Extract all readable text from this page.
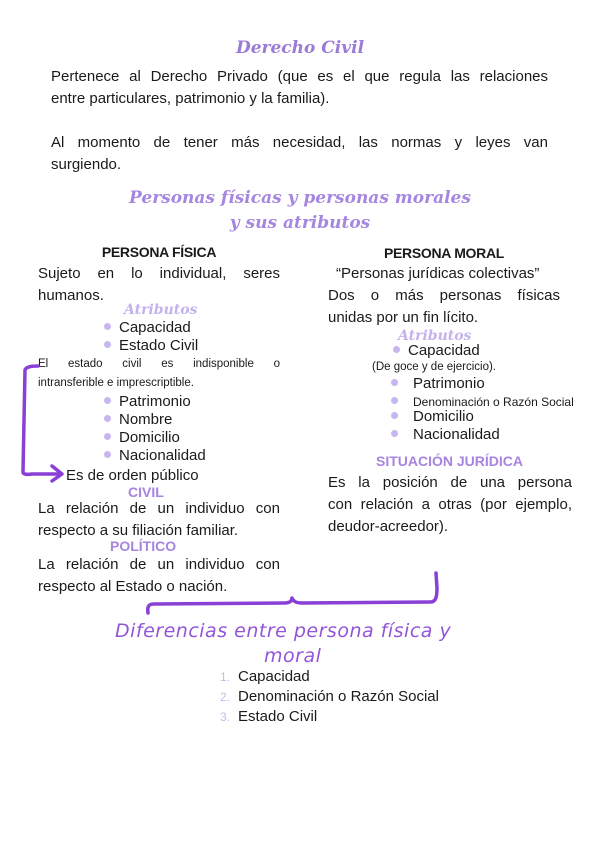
Derecho Civil
Pertenece al Derecho Privado (que es el que regula las relaciones
entre particulares, patrimonio y la familia).
Al momento de tener más necesidad, las normas y leyes van
surgiendo.
Personas físicas y personas morales
y sus atributos
PERSONA FÍSICA
Sujeto en lo individual, seres
humanos.
Atributos
Capacidad
Estado Civil
El estado civil es indisponible o
intransferible e imprescriptible.
Patrimonio
Nombre
Domicilio
Nacionalidad
Es de orden público
CIVIL
La relación de un individuo con
respecto a su filiación familiar.
POLÍTICO
La relación de un individuo con
respecto al Estado o nación.
PERSONA MORAL
“Personas jurídicas colectivas”
Dos o más personas físicas
unidas por un fin lícito.
Atributos
Capacidad
(De goce y de ejercicio).
Patrimonio
Denominación o Razón Social
Domicilio
Nacionalidad
SITUACIÓN JURÍDICA
Es la posición de una persona
con relación a otras (por ejemplo,
deudor-acreedor).
Diferencias entre persona física y
moral
1. Capacidad
2. Denominación o Razón Social
3. Estado Civil
